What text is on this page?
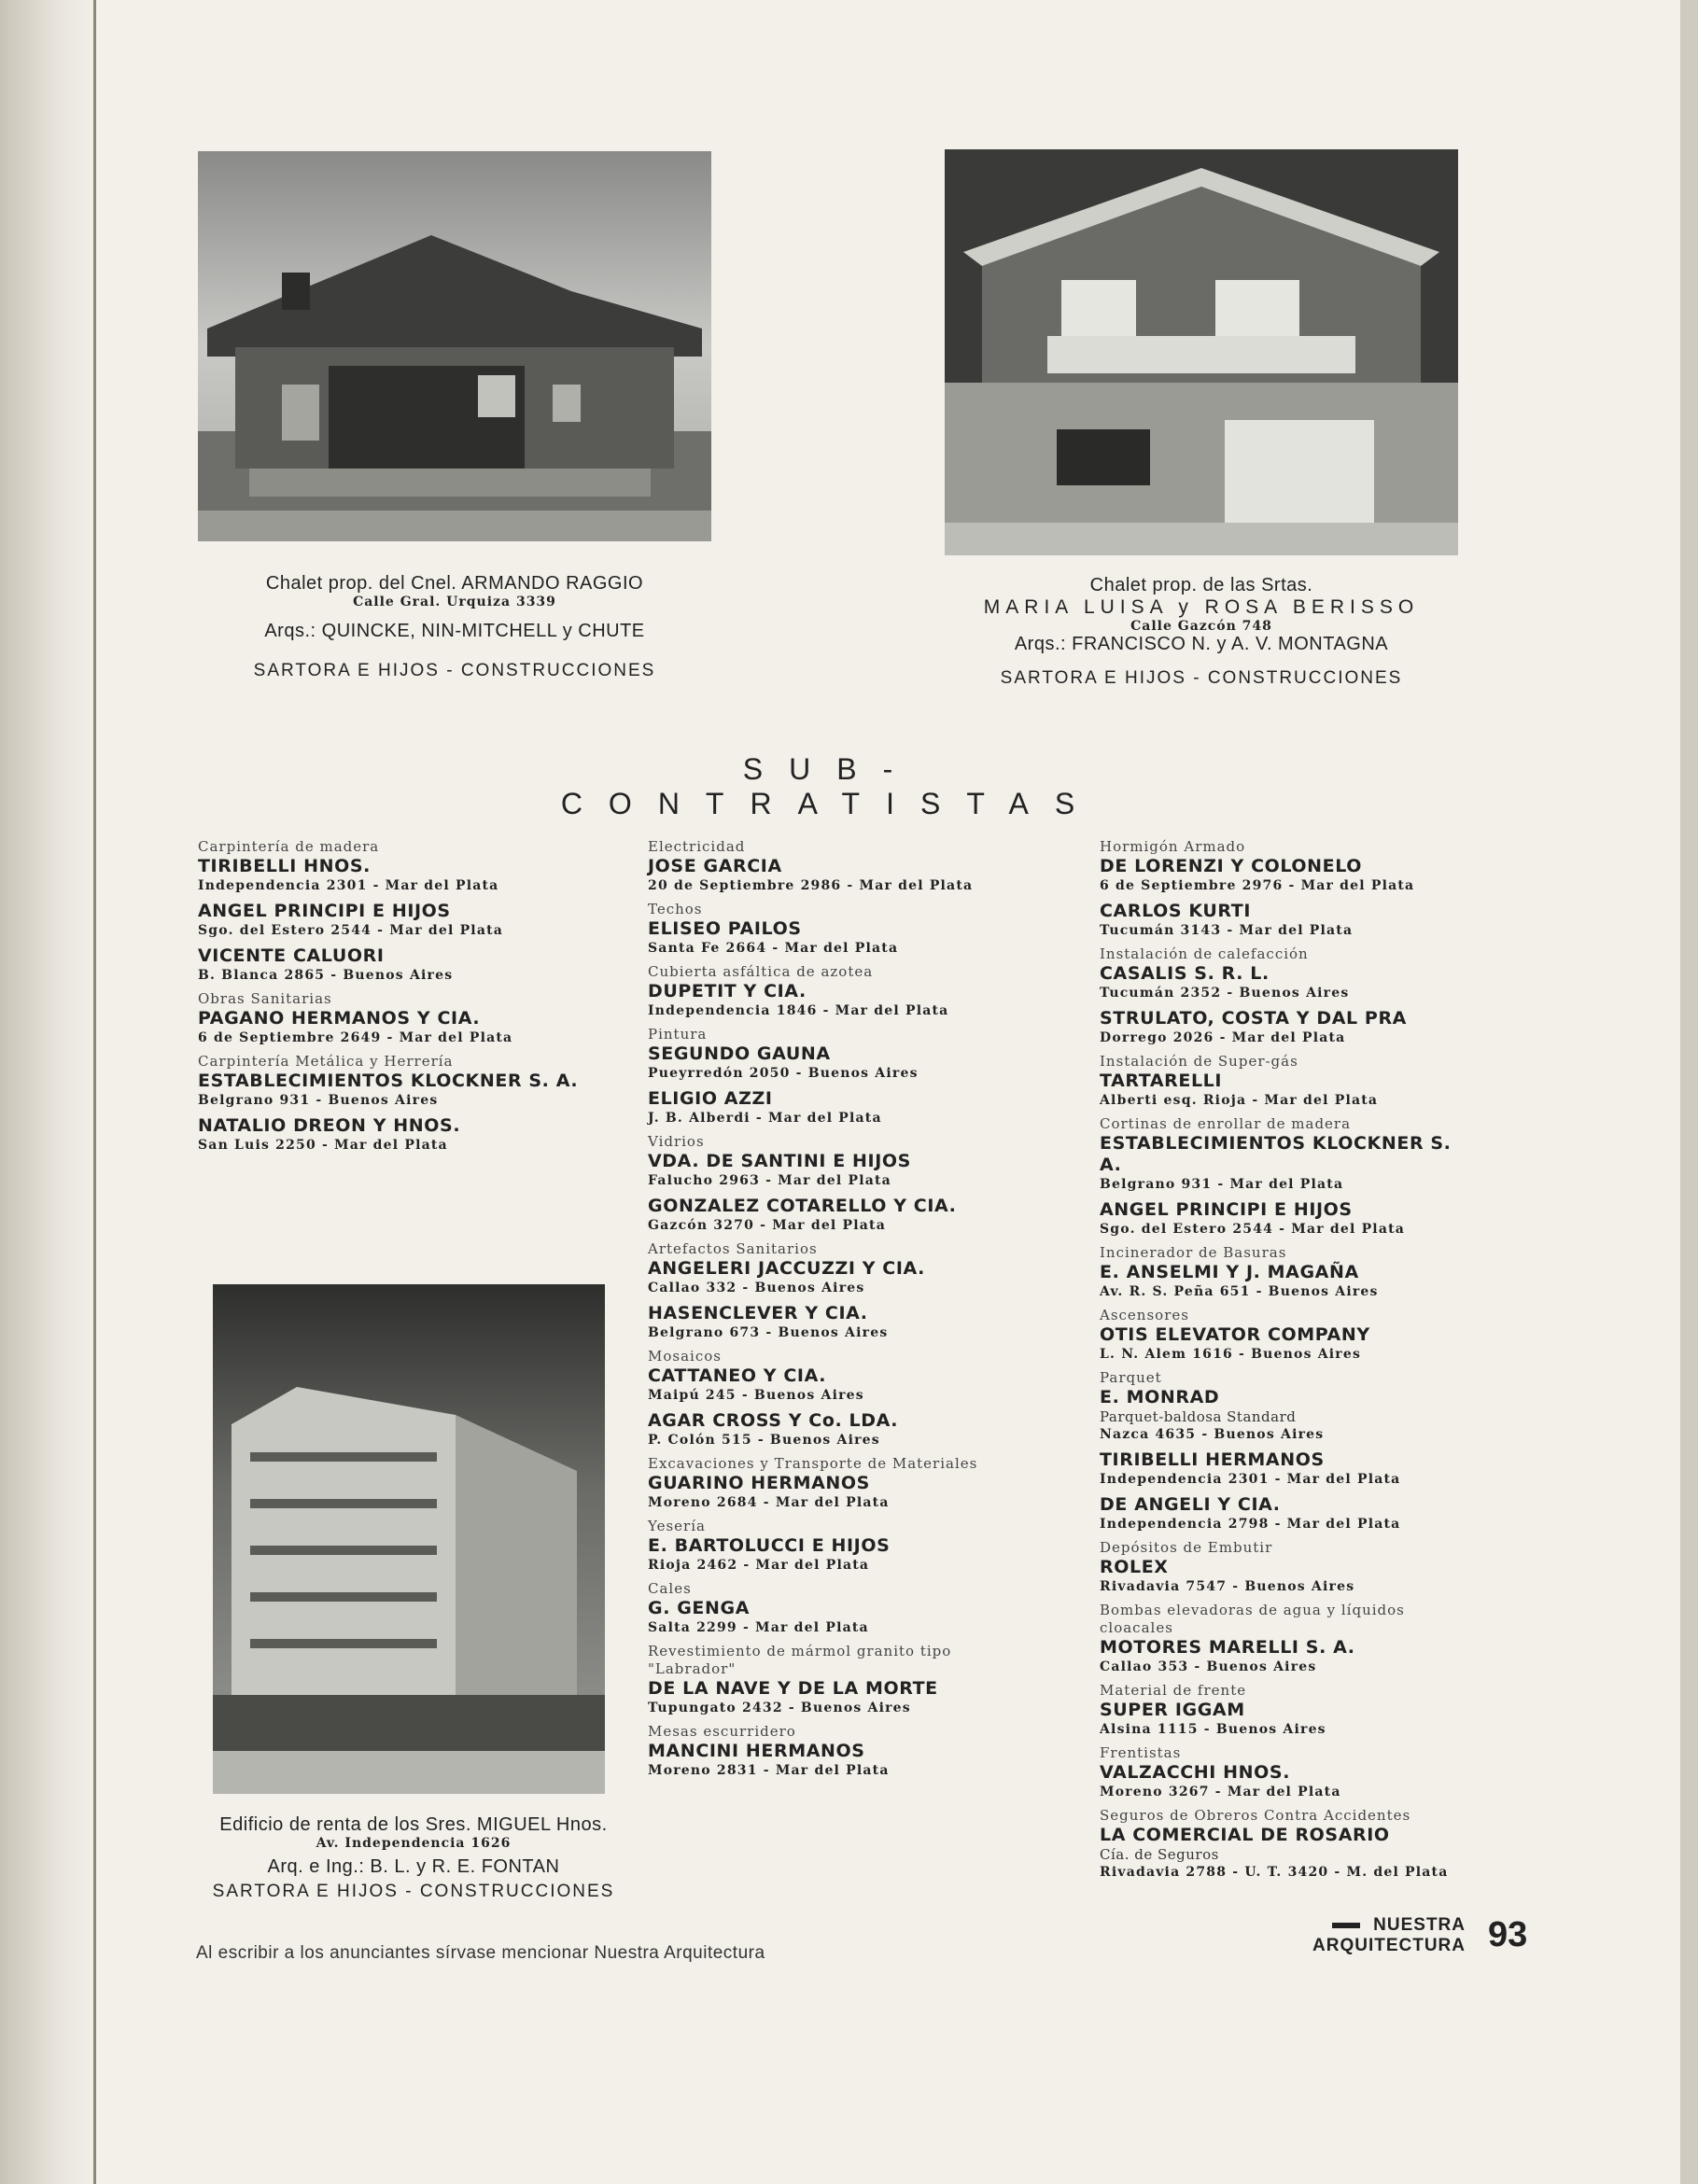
Chalet prop. del Cnel. ARMANDO RAGGIO
Calle Gral. Urquiza 3339
Arqs.: QUINCKE, NIN-MITCHELL y CHUTE
SARTORA E HIJOS - CONSTRUCCIONES
Chalet prop. de las Srtas.
MARIA LUISA y ROSA BERISSO
Calle Gazcón 748
Arqs.: FRANCISCO N. y A. V. MONTAGNA
SARTORA E HIJOS - CONSTRUCCIONES
SUB-CONTRATISTAS
Carpintería de madera
TIRIBELLI HNOS.
Independencia 2301 - Mar del Plata
ANGEL PRINCIPI E HIJOS
Sgo. del Estero 2544 - Mar del Plata
VICENTE CALUORI
B. Blanca 2865 - Buenos Aires
Obras Sanitarias
PAGANO HERMANOS Y CIA.
6 de Septiembre 2649 - Mar del Plata
Carpintería Metálica y Herrería
ESTABLECIMIENTOS KLOCKNER S. A.
Belgrano 931 - Buenos Aires
NATALIO DREON Y HNOS.
San Luis 2250 - Mar del Plata
Edificio de renta de los Sres. MIGUEL Hnos.
Av. Independencia 1626
Arq. e Ing.: B. L. y R. E. FONTAN
SARTORA E HIJOS - CONSTRUCCIONES
Electricidad
JOSE GARCIA
20 de Septiembre 2986 - Mar del Plata
Techos
ELISEO PAILOS
Santa Fe 2664 - Mar del Plata
Cubierta asfáltica de azotea
DUPETIT Y CIA.
Independencia 1846 - Mar del Plata
Pintura
SEGUNDO GAUNA
Pueyrredón 2050 - Buenos Aires
ELIGIO AZZI
J. B. Alberdi - Mar del Plata
Vidrios
VDA. DE SANTINI E HIJOS
Falucho 2963 - Mar del Plata
GONZALEZ COTARELLO Y CIA.
Gazcón 3270 - Mar del Plata
Artefactos Sanitarios
ANGELERI JACCUZZI Y CIA.
Callao 332 - Buenos Aires
HASENCLEVER Y CIA.
Belgrano 673 - Buenos Aires
Mosaicos
CATTANEO Y CIA.
Maipú 245 - Buenos Aires
AGAR CROSS Y Co. LDA.
P. Colón 515 - Buenos Aires
Excavaciones y Transporte de Materiales
GUARINO HERMANOS
Moreno 2684 - Mar del Plata
Yesería
E. BARTOLUCCI E HIJOS
Rioja 2462 - Mar del Plata
Cales
G. GENGA
Salta 2299 - Mar del Plata
Revestimiento de mármol granito tipo "Labrador"
DE LA NAVE Y DE LA MORTE
Tupungato 2432 - Buenos Aires
Mesas escurridero
MANCINI HERMANOS
Moreno 2831 - Mar del Plata
Hormigón Armado
DE LORENZI Y COLONELO
6 de Septiembre 2976 - Mar del Plata
CARLOS KURTI
Tucumán 3143 - Mar del Plata
Instalación de calefacción
CASALIS S. R. L.
Tucumán 2352 - Buenos Aires
STRULATO, COSTA Y DAL PRA
Dorrego 2026 - Mar del Plata
Instalación de Super-gás
TARTARELLI
Alberti esq. Rioja - Mar del Plata
Cortinas de enrollar de madera
ESTABLECIMIENTOS KLOCKNER S. A.
Belgrano 931 - Mar del Plata
ANGEL PRINCIPI E HIJOS
Sgo. del Estero 2544 - Mar del Plata
Incinerador de Basuras
E. ANSELMI Y J. MAGAÑA
Av. R. S. Peña 651 - Buenos Aires
Ascensores
OTIS ELEVATOR COMPANY
L. N. Alem 1616 - Buenos Aires
Parquet
E. MONRAD
Parquet-baldosa Standard
Nazca 4635 - Buenos Aires
TIRIBELLI HERMANOS
Independencia 2301 - Mar del Plata
DE ANGELI Y CIA.
Independencia 2798 - Mar del Plata
Depósitos de Embutir
ROLEX
Rivadavia 7547 - Buenos Aires
Bombas elevadoras de agua y líquidos cloacales
MOTORES MARELLI S. A.
Callao 353 - Buenos Aires
Material de frente
SUPER IGGAM
Alsina 1115 - Buenos Aires
Frentistas
VALZACCHI HNOS.
Moreno 3267 - Mar del Plata
Seguros de Obreros Contra Accidentes
LA COMERCIAL DE ROSARIO
Cía. de Seguros
Rivadavia 2788 - U. T. 3420 - M. del Plata
Al escribir a los anunciantes sírvase mencionar Nuestra Arquitectura
NUESTRA
ARQUITECTURA 93
